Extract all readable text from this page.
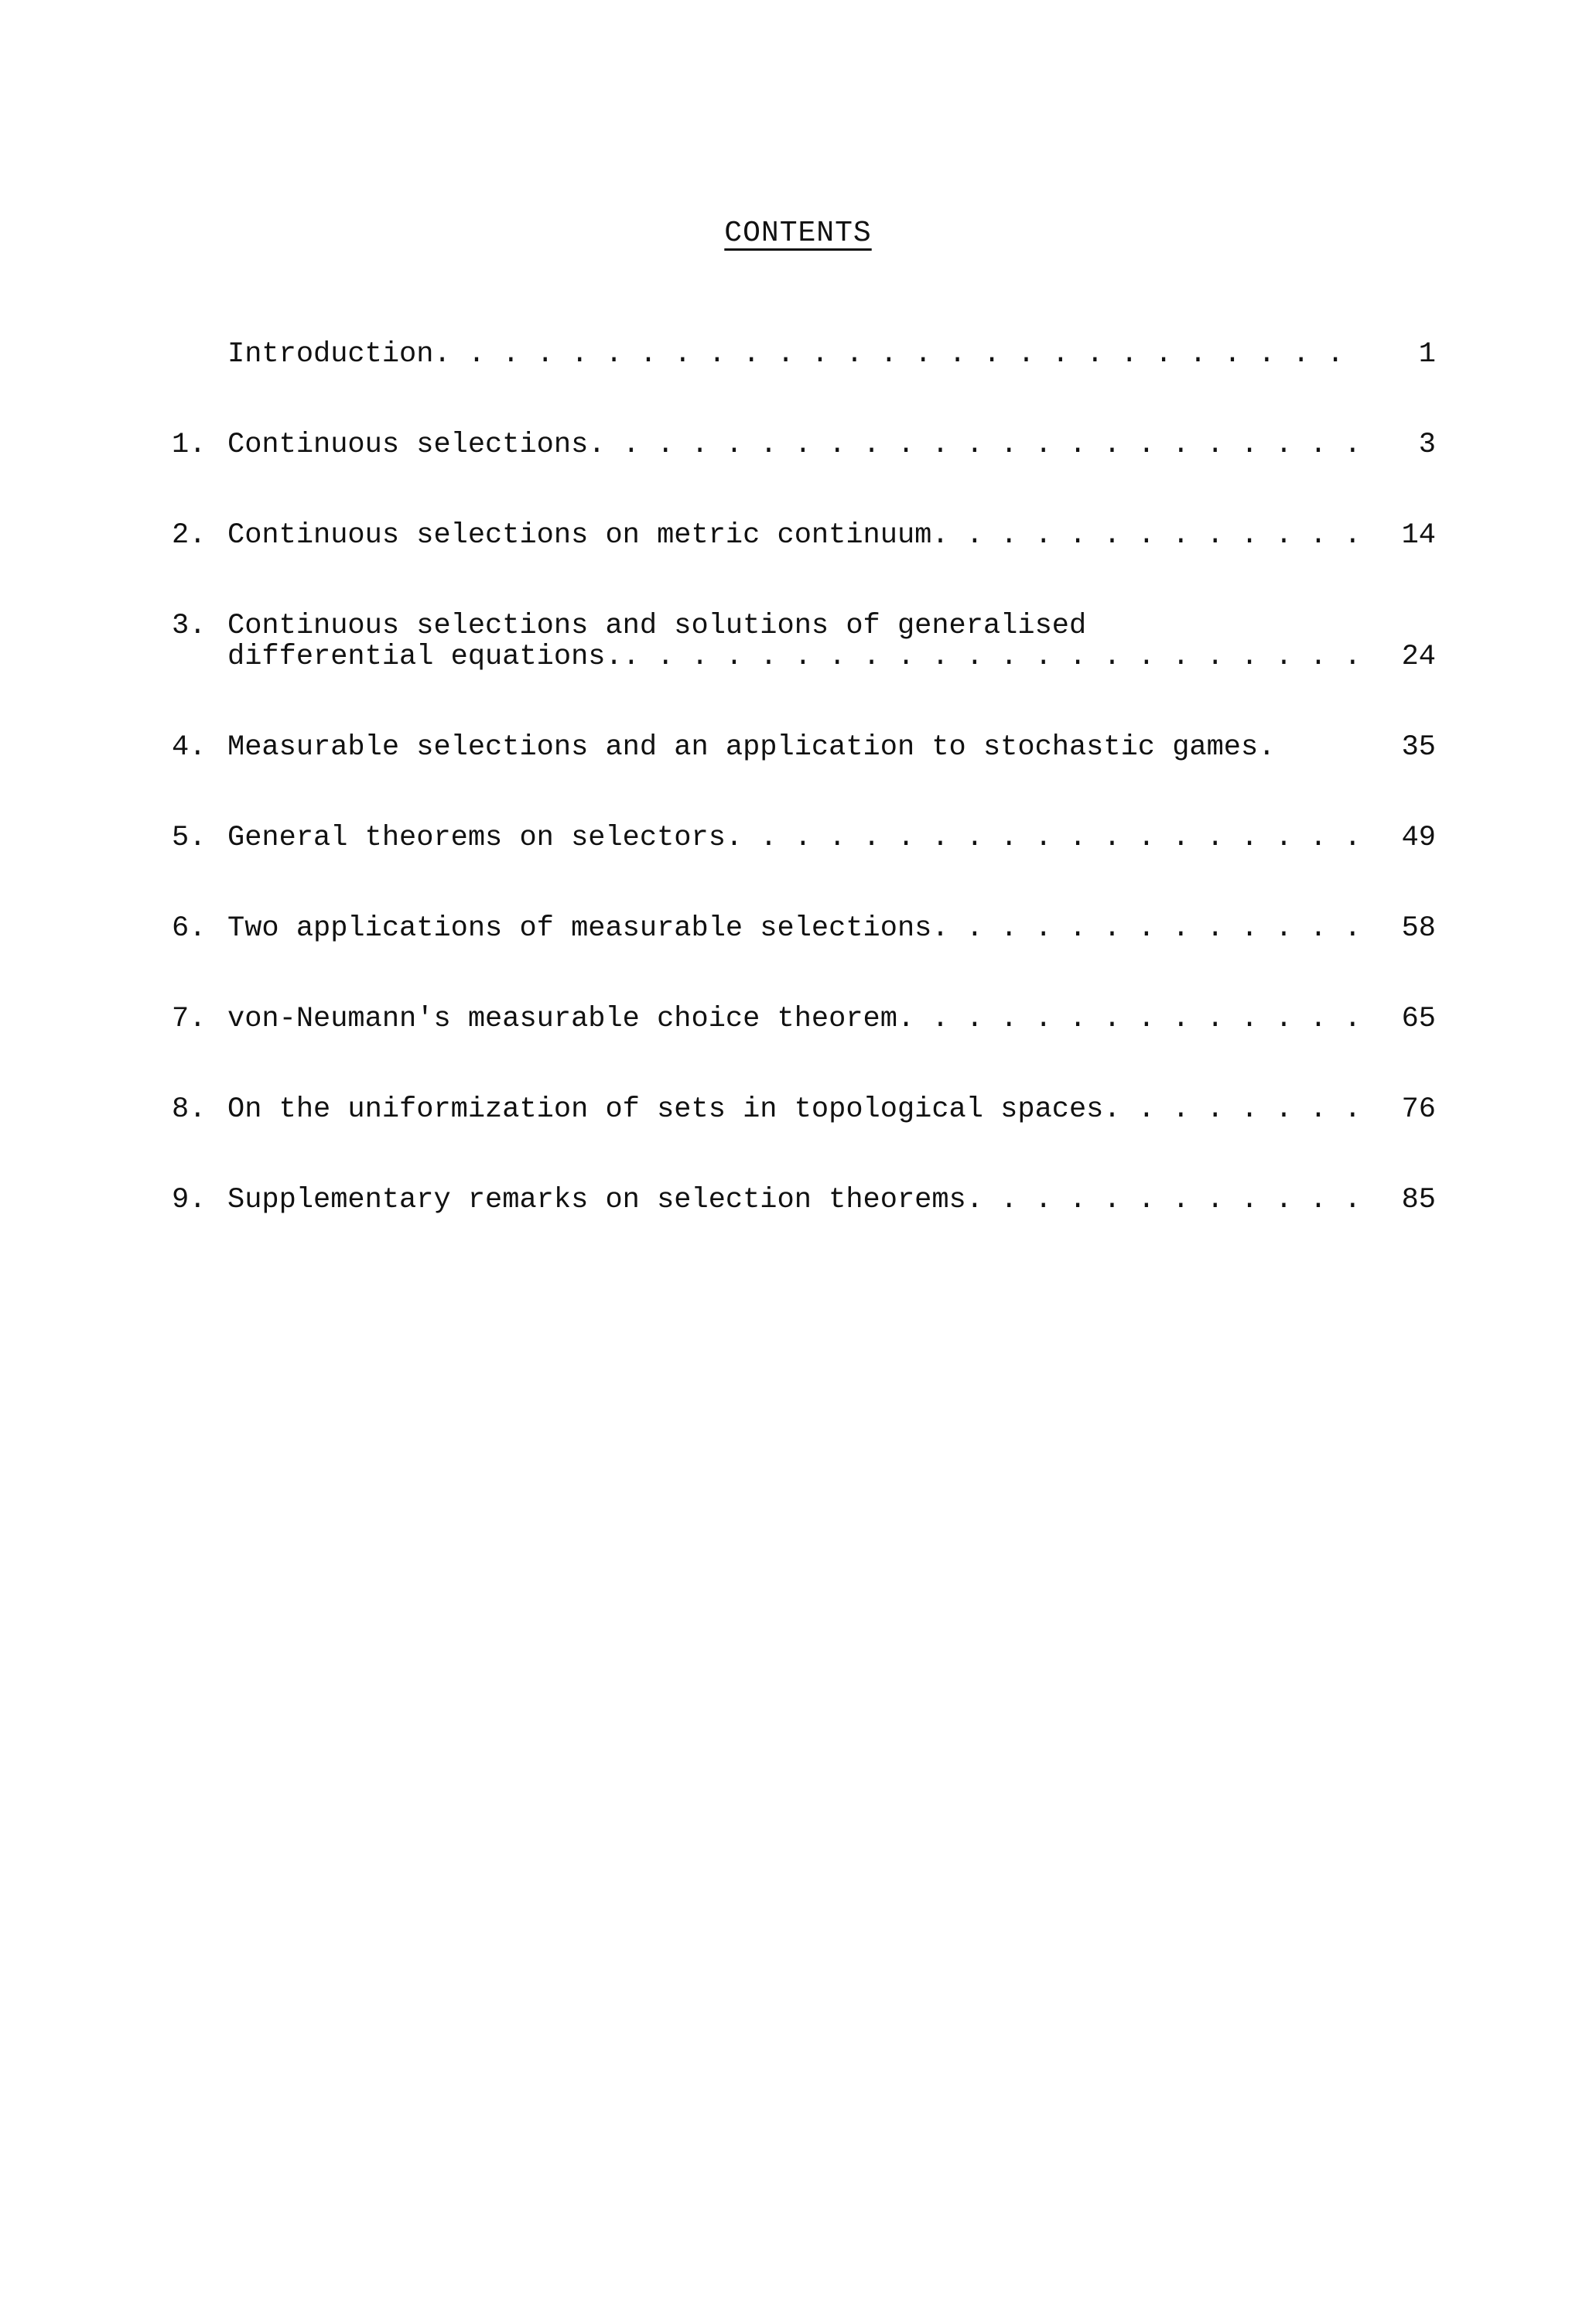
CONTENTS
Introduction . . .	1
1. Continuous selections . . .	3
2. Continuous selections on metric continuum . . .	14
3. Continuous selections and solutions of generalised
differential equations. . . .	24
4. Measurable selections and an application to stochastic games.	35
5. General theorems on selectors . . .	49
6. Two applications of measurable selections . . .	58
7. von-Neumann's measurable choice theorem . . .	65
8. On the uniformization of sets in topological spaces . . .	76
9. Supplementary remarks on selection theorems . . .	85
